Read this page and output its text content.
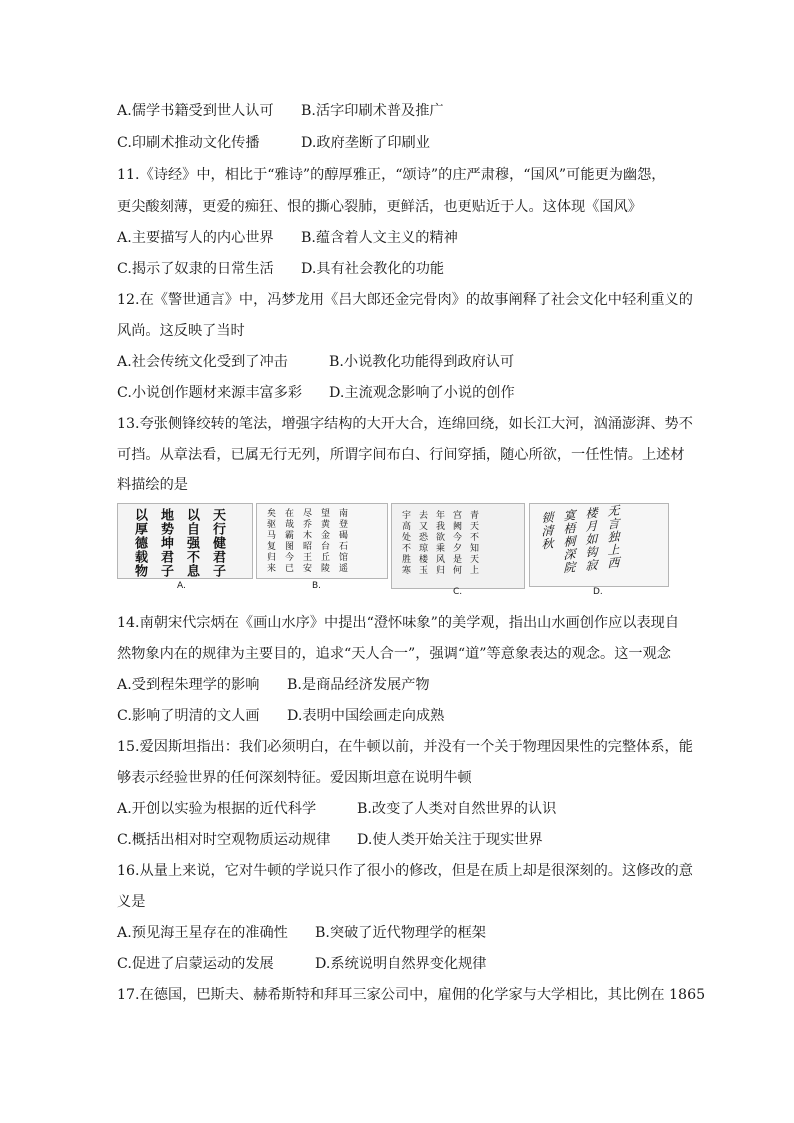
A.儒学书籍受到世人认可 B.活字印刷术普及推广
C.印刷术推动文化传播	D.政府垄断了印刷业
11.《诗经》中，相比于“雅诗”的醇厚雅正，“颂诗”的庄严肃穆，“国风”可能更为幽怨，
更尖酸刻薄，更爱的痴狂、恨的撕心裂肺，更鲜活，也更贴近于人。这体现《国风》
A.主要描写人的内心世界 B.蕴含着人文主义的精神
C.揭示了奴隶的日常生活 D.具有社会教化的功能
12.在《警世通言》中，冯梦龙用《吕大郎还金完骨肉》的故事阐释了社会文化中轻利重义的
风尚。这反映了当时
A.社会传统文化受到了冲击	B.小说教化功能得到政府认可
C.小说创作题材来源丰富多彩 D.主流观念影响了小说的创作
13.夸张侧锋绞转的笔法，增强字结构的大开大合，连绵回绕，如长江大河，汹涌澎湃、势不
可挡。从章法看，已属无行无列，所谓字间布白、行间穿插，随心所欲，一任性情。上述材
料描绘的是
天行健君子以自强不息地势坤君子以厚德载物
A.
南登碣石馆遥望黄金台丘陵尽乔木昭王安在哉霸图今已矣驱马复归来
B.
青天不知天上宫阙今夕是何年我欲乘风归去又恐琼楼玉宇高处不胜寒
C.
无言独上西楼月如钩寂寞梧桐深院锁清秋
D.
14.南朝宋代宗炳在《画山水序》中提出“澄怀味象”的美学观，指出山水画创作应以表现自
然物象内在的规律为主要目的，追求“天人合一”，强调“道”等意象表达的观念。这一观念
A.受到程朱理学的影响 B.是商品经济发展产物
C.影响了明清的文人画 D.表明中国绘画走向成熟
15.爱因斯坦指出：我们必须明白，在牛顿以前，并没有一个关于物理因果性的完整体系，能
够表示经验世界的任何深刻特征。爱因斯坦意在说明牛顿
A.开创以实验为根据的近代科学	B.改变了人类对自然世界的认识
C.概括出相对时空观物质运动规律 D.使人类开始关注于现实世界
16.从量上来说，它对牛顿的学说只作了很小的修改，但是在质上却是很深刻的。这修改的意
义是
A.预见海王星存在的准确性 B.突破了近代物理学的框架
C.促进了启蒙运动的发展	D.系统说明自然界变化规律
17.在德国，巴斯夫、赫希斯特和拜耳三家公司中，雇佣的化学家与大学相比，其比例在 1865
